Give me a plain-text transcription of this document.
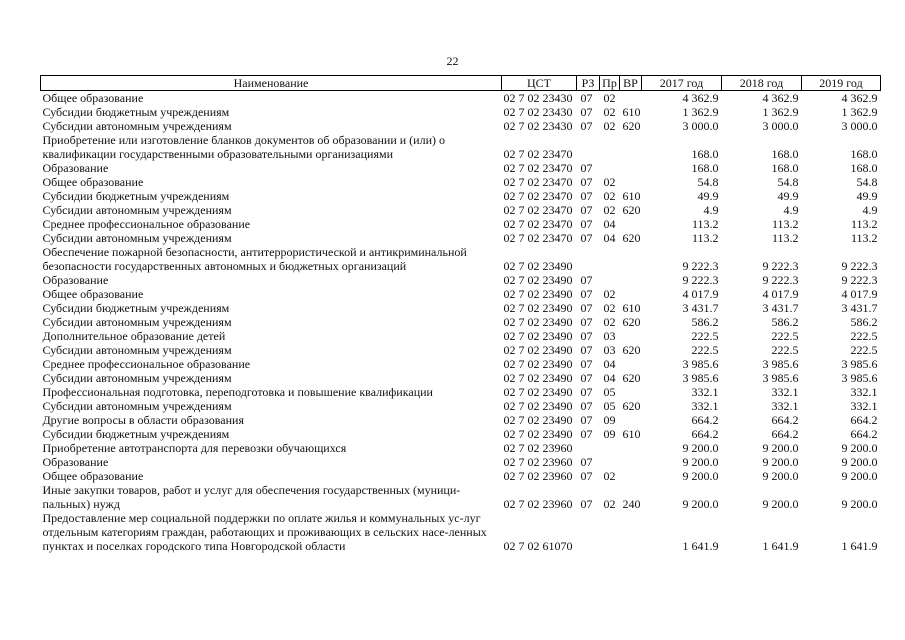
22
Наименование	ЦСТ	РЗ	Пр	ВР	2017 год	2018 год	2019 год
Общее образование	02 7 02 23430	07	02		4 362.9	4 362.9	4 362.9
Субсидии бюджетным учреждениям	02 7 02 23430	07	02	610	1 362.9	1 362.9	1 362.9
Субсидии автономным учреждениям	02 7 02 23430	07	02	620	3 000.0	3 000.0	3 000.0
Приобретение или изготовление бланков документов об образовании и (или) о квалификации государственными образовательными организациями	02 7 02 23470				168.0	168.0	168.0
Образование	02 7 02 23470	07			168.0	168.0	168.0
Общее образование	02 7 02 23470	07	02		54.8	54.8	54.8
Субсидии бюджетным учреждениям	02 7 02 23470	07	02	610	49.9	49.9	49.9
Субсидии автономным учреждениям	02 7 02 23470	07	02	620	4.9	4.9	4.9
Среднее профессиональное образование	02 7 02 23470	07	04		113.2	113.2	113.2
Субсидии автономным учреждениям	02 7 02 23470	07	04	620	113.2	113.2	113.2
Обеспечение пожарной безопасности, антитеррористической и антикриминальной безопасности государственных автономных и бюджетных организаций	02 7 02 23490				9 222.3	9 222.3	9 222.3
Образование	02 7 02 23490	07			9 222.3	9 222.3	9 222.3
Общее образование	02 7 02 23490	07	02		4 017.9	4 017.9	4 017.9
Субсидии бюджетным учреждениям	02 7 02 23490	07	02	610	3 431.7	3 431.7	3 431.7
Субсидии автономным учреждениям	02 7 02 23490	07	02	620	586.2	586.2	586.2
Дополнительное образование детей	02 7 02 23490	07	03		222.5	222.5	222.5
Субсидии автономным учреждениям	02 7 02 23490	07	03	620	222.5	222.5	222.5
Среднее профессиональное образование	02 7 02 23490	07	04		3 985.6	3 985.6	3 985.6
Субсидии автономным учреждениям	02 7 02 23490	07	04	620	3 985.6	3 985.6	3 985.6
Профессиональная подготовка, переподготовка и повышение квалификации	02 7 02 23490	07	05		332.1	332.1	332.1
Субсидии автономным учреждениям	02 7 02 23490	07	05	620	332.1	332.1	332.1
Другие вопросы в области образования	02 7 02 23490	07	09		664.2	664.2	664.2
Субсидии бюджетным учреждениям	02 7 02 23490	07	09	610	664.2	664.2	664.2
Приобретение автотранспорта для перевозки обучающихся	02 7 02 23960				9 200.0	9 200.0	9 200.0
Образование	02 7 02 23960	07			9 200.0	9 200.0	9 200.0
Общее образование	02 7 02 23960	07	02		9 200.0	9 200.0	9 200.0
Иные закупки товаров, работ и услуг для обеспечения государственных (муници-пальных) нужд	02 7 02 23960	07	02	240	9 200.0	9 200.0	9 200.0
Предоставление мер социальной поддержки по оплате жилья и коммунальных ус-луг отдельным категориям граждан, работающих и проживающих в сельских насе-ленных пунктах и поселках городского типа Новгородской области	02 7 02 61070				1 641.9	1 641.9	1 641.9
